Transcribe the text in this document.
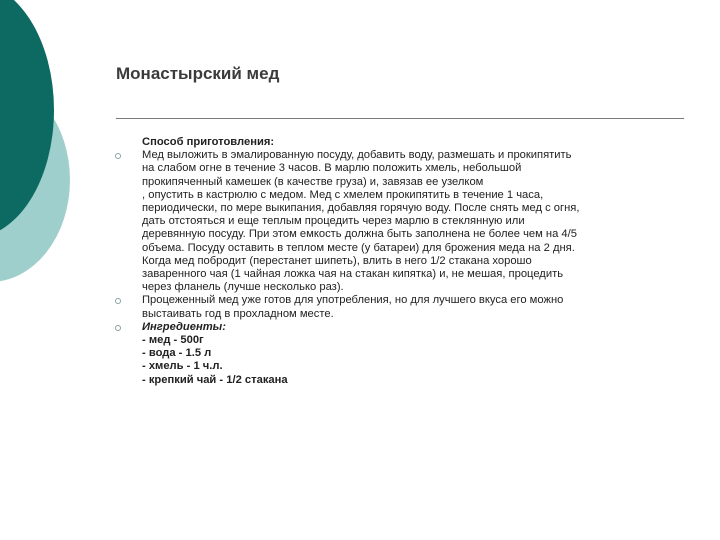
Монастырский мед
Способ приготовления:
Мед выложить в эмалированную посуду, добавить воду, размешать и прокипятить
на слабом огне в течение 3 часов. В марлю положить хмель, небольшой
прокипяченный камешек (в качестве груза) и, завязав ее узелком
, опустить в кастрюлю с медом. Мед с хмелем прокипятить в течение 1 часа,
периодически, по мере выкипания, добавляя горячую воду. После снять мед с огня,
дать отстояться и еще теплым процедить через марлю в стеклянную или
деревянную посуду. При этом емкость должна быть заполнена не более чем на 4/5
объема. Посуду оставить в теплом месте (у батареи) для брожения меда на 2 дня.
Когда мед побродит (перестанет шипеть), влить в него 1/2 стакана хорошо
заваренного чая (1 чайная ложка чая на стакан кипятка) и, не мешая, процедить
через фланель (лучше несколько раз).
Процеженный мед уже готов для употребления, но для лучшего вкуса его можно
выстаивать год в прохладном месте.
Ингредиенты:
- мед - 500г
- вода - 1.5 л
- хмель - 1 ч.л.
- крепкий чай - 1/2 стакана
